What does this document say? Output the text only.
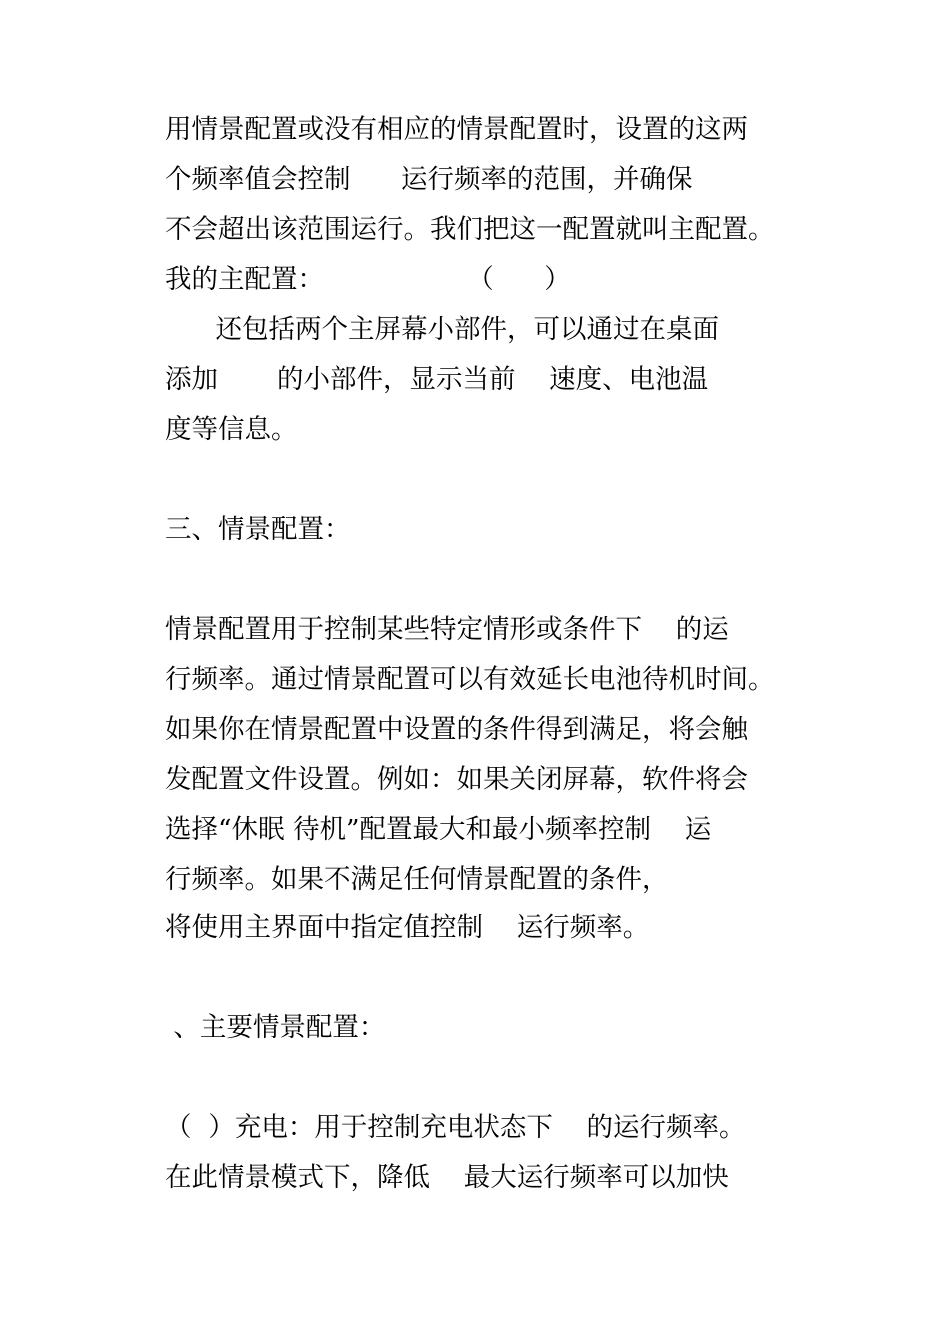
用情景配置或没有相应的情景配置时，设置的这两
个频率值会控制      运行频率的范围，并确保
不会超出该范围运行。我们把这一配置就叫主配置。
我的主配置：                 （      ）
还包括两个主屏幕小部件，可以通过在桌面
添加       的小部件，显示当前    速度、电池温
度等信息。
三、情景配置：
情景配置用于控制某些特定情形或条件下    的运
行频率。通过情景配置可以有效延长电池待机时间。
如果你在情景配置中设置的条件得到满足，将会触
发配置文件设置。例如：如果关闭屏幕，软件将会
选择“休眠 待机”配置最大和最小频率控制    运
行频率。如果不满足任何情景配置的条件，
将使用主界面中指定值控制    运行频率。
、主要情景配置：
（  ）充电：用于控制充电状态下    的运行频率。
在此情景模式下，降低    最大运行频率可以加快
